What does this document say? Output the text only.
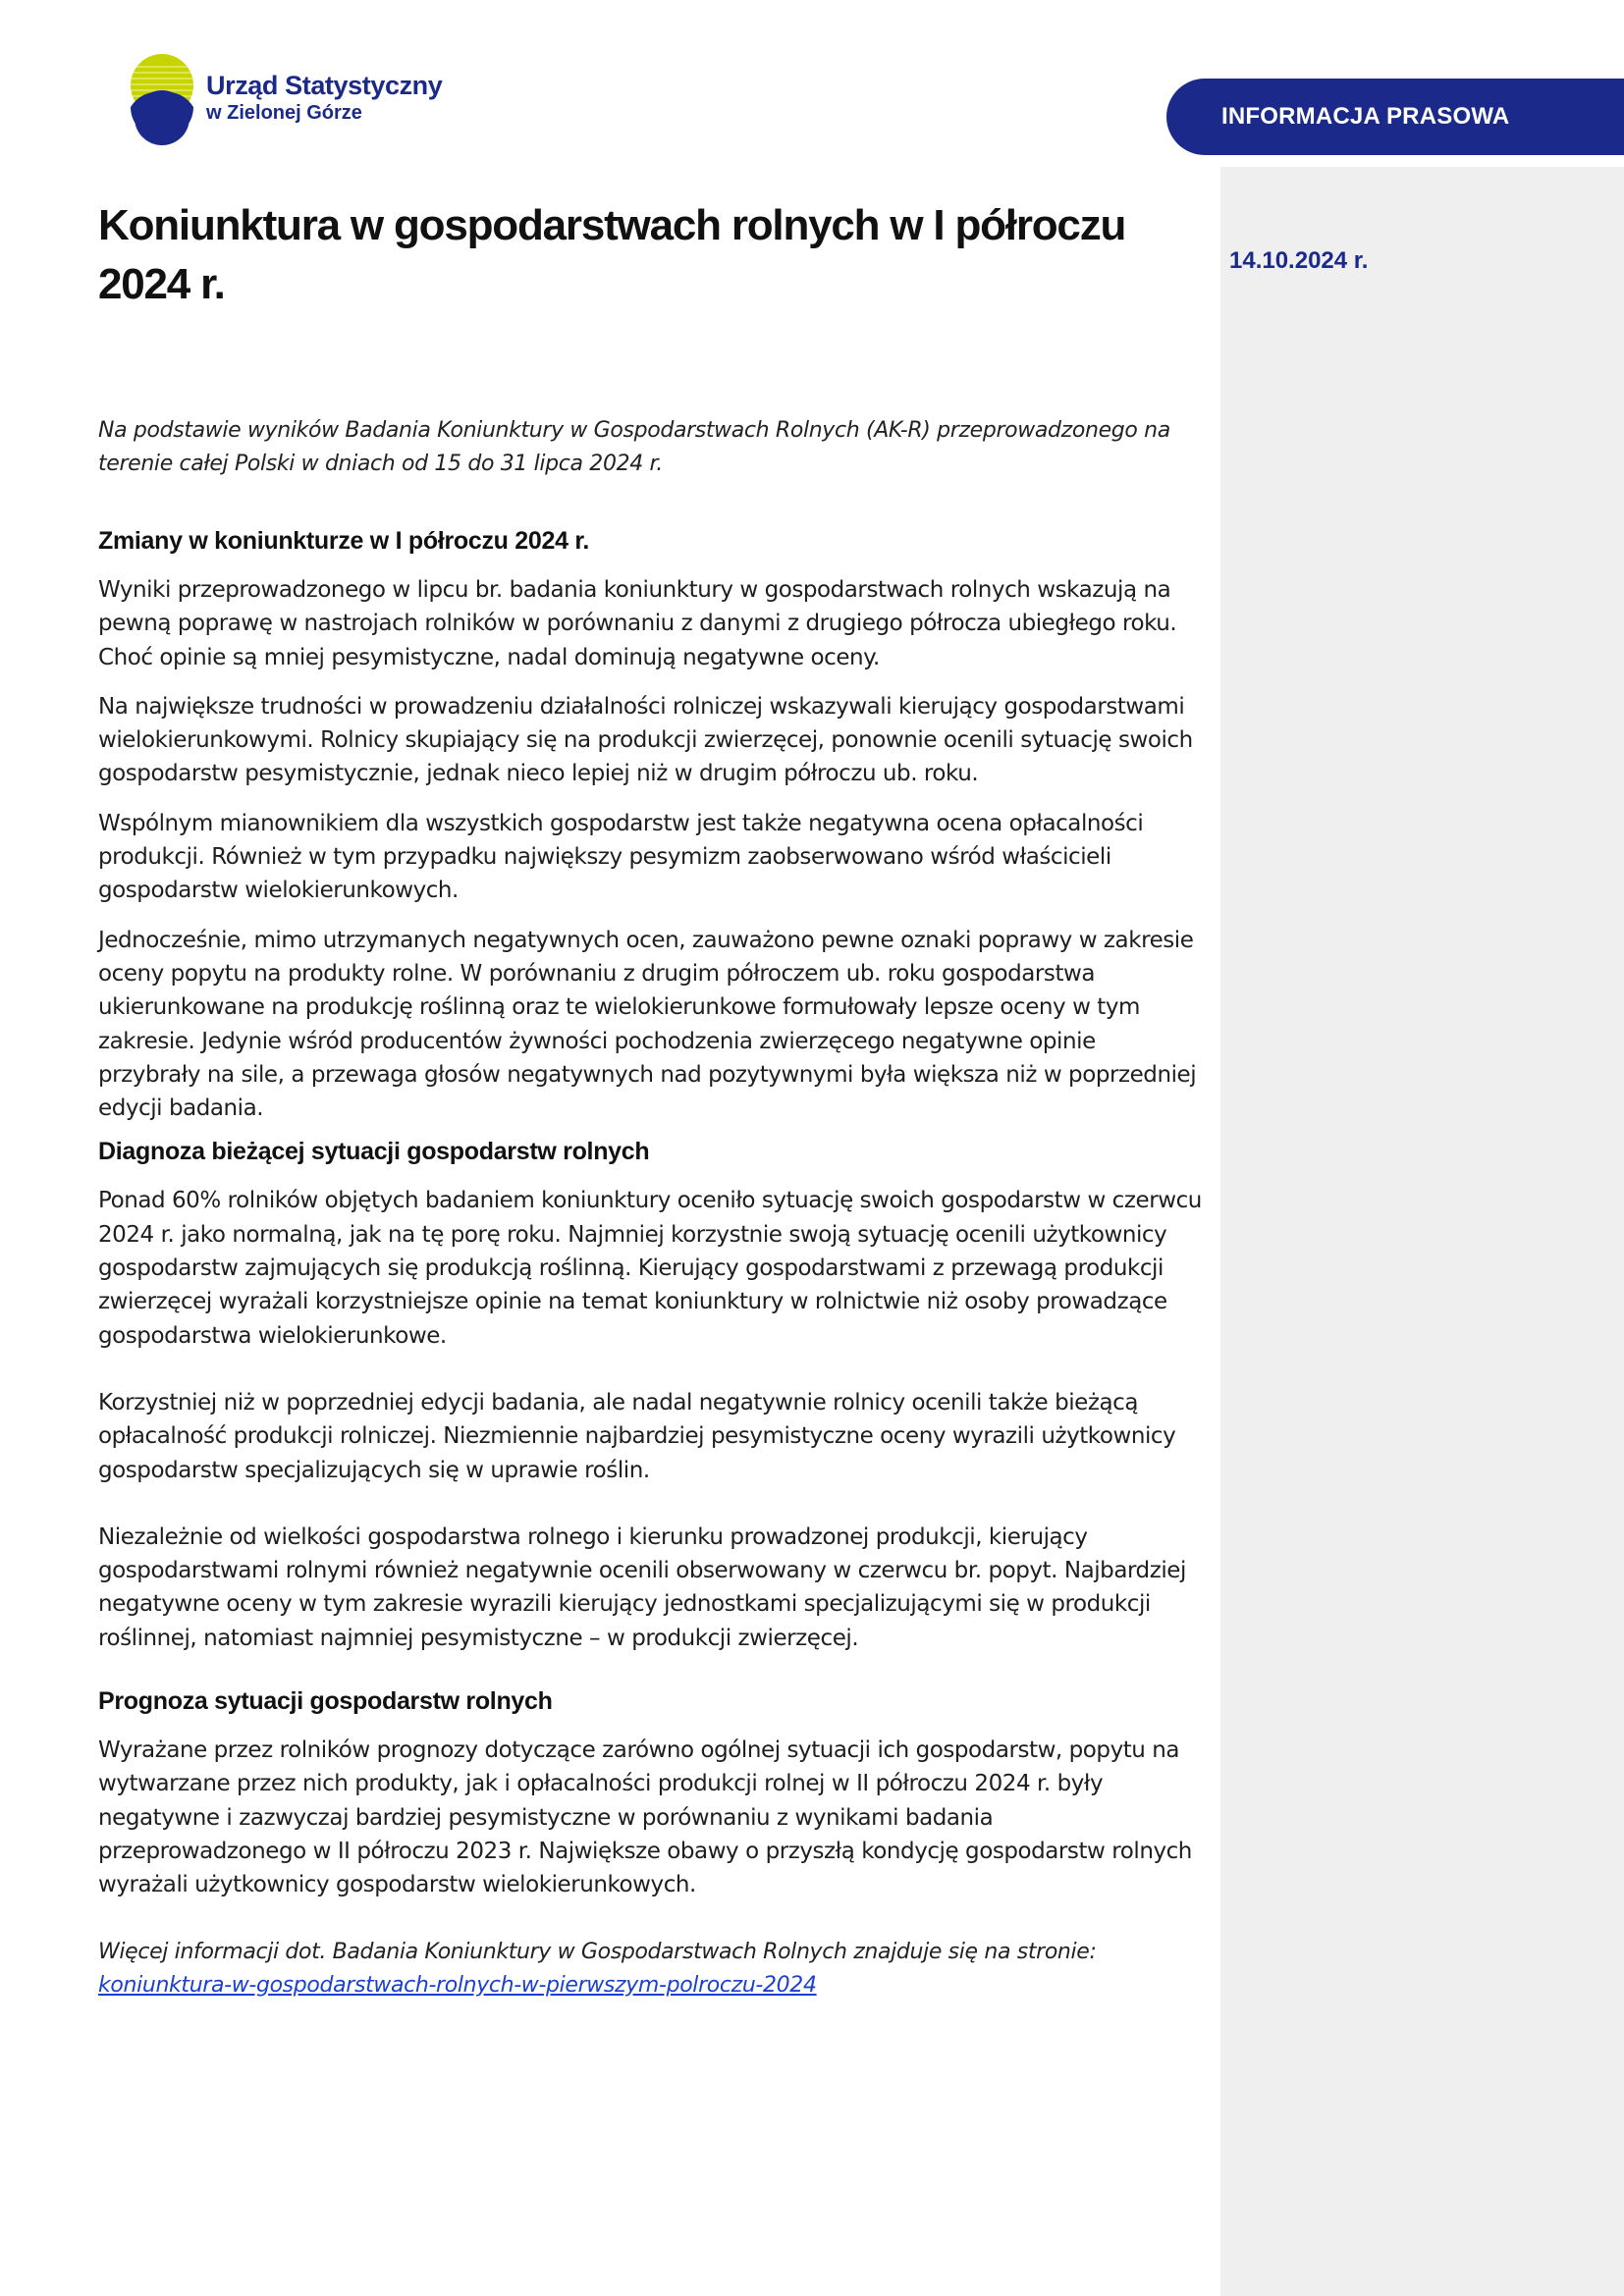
INFORMACJA PRASOWA
14.10.2024 r.
Urząd Statystyczny
w Zielonej Górze
Koniunktura w gospodarstwach rolnych w I półroczu 2024 r.

Na podstawie wyników Badania Koniunktury w Gospodarstwach Rolnych (AK-R) przeprowadzonego na terenie całej Polski w dniach od 15 do 31 lipca 2024 r.

Zmiany w koniunkturze w I półroczu 2024 r.

Wyniki przeprowadzonego w lipcu br. badania koniunktury w gospodarstwach rolnych wskazują na pewną poprawę w nastrojach rolników w porównaniu z danymi z drugiego półrocza ubiegłego roku. Choć opinie są mniej pesymistyczne, nadal dominują negatywne oceny.

Na największe trudności w prowadzeniu działalności rolniczej wskazywali kierujący gospodarstwami wielokierunkowymi. Rolnicy skupiający się na produkcji zwierzęcej, ponownie ocenili sytuację swoich gospodarstw pesymistycznie, jednak nieco lepiej niż w drugim półroczu ub. roku.

Wspólnym mianownikiem dla wszystkich gospodarstw jest także negatywna ocena opłacalności produkcji. Również w tym przypadku największy pesymizm zaobserwowano wśród właścicieli gospodarstw wielokierunkowych.

Jednocześnie, mimo utrzymanych negatywnych ocen, zauważono pewne oznaki poprawy w zakresie oceny popytu na produkty rolne. W porównaniu z drugim półroczem ub. roku gospodarstwa ukierunkowane na produkcję roślinną oraz te wielokierunkowe formułowały lepsze oceny w tym zakresie. Jedynie wśród producentów żywności pochodzenia zwierzęcego negatywne opinie przybrały na sile, a przewaga głosów negatywnych nad pozytywnymi była większa niż w poprzedniej edycji badania.

Diagnoza bieżącej sytuacji gospodarstw rolnych

Ponad 60% rolników objętych badaniem koniunktury oceniło sytuację swoich gospodarstw w czerwcu 2024 r. jako normalną, jak na tę porę roku. Najmniej korzystnie swoją sytuację ocenili użytkownicy gospodarstw zajmujących się produkcją roślinną. Kierujący gospodarstwami z przewagą produkcji zwierzęcej wyrażali korzystniejsze opinie na temat koniunktury w rolnictwie niż osoby prowadzące gospodarstwa wielokierunkowe.

Korzystniej niż w poprzedniej edycji badania, ale nadal negatywnie rolnicy ocenili także bieżącą opłacalność produkcji rolniczej. Niezmiennie najbardziej pesymistyczne oceny wyrazili użytkownicy gospodarstw specjalizujących się w uprawie roślin.

Niezależnie od wielkości gospodarstwa rolnego i kierunku prowadzonej produkcji, kierujący gospodarstwami rolnymi również negatywnie ocenili obserwowany w czerwcu br. popyt. Najbardziej negatywne oceny w tym zakresie wyrazili kierujący jednostkami specjalizującymi się w produkcji roślinnej, natomiast najmniej pesymistyczne – w produkcji zwierzęcej.

Prognoza sytuacji gospodarstw rolnych

Wyrażane przez rolników prognozy dotyczące zarówno ogólnej sytuacji ich gospodarstw, popytu na wytwarzane przez nich produkty, jak i opłacalności produkcji rolnej w II półroczu 2024 r. były negatywne i zazwyczaj bardziej pesymistyczne w porównaniu z wynikami badania przeprowadzonego w II półroczu 2023 r. Największe obawy o przyszłą kondycję gospodarstw rolnych wyrażali użytkownicy gospodarstw wielokierunkowych.

Więcej informacji dot. Badania Koniunktury w Gospodarstwach Rolnych znajduje się na stronie:
koniunktura-w-gospodarstwach-rolnych-w-pierwszym-polroczu-2024
